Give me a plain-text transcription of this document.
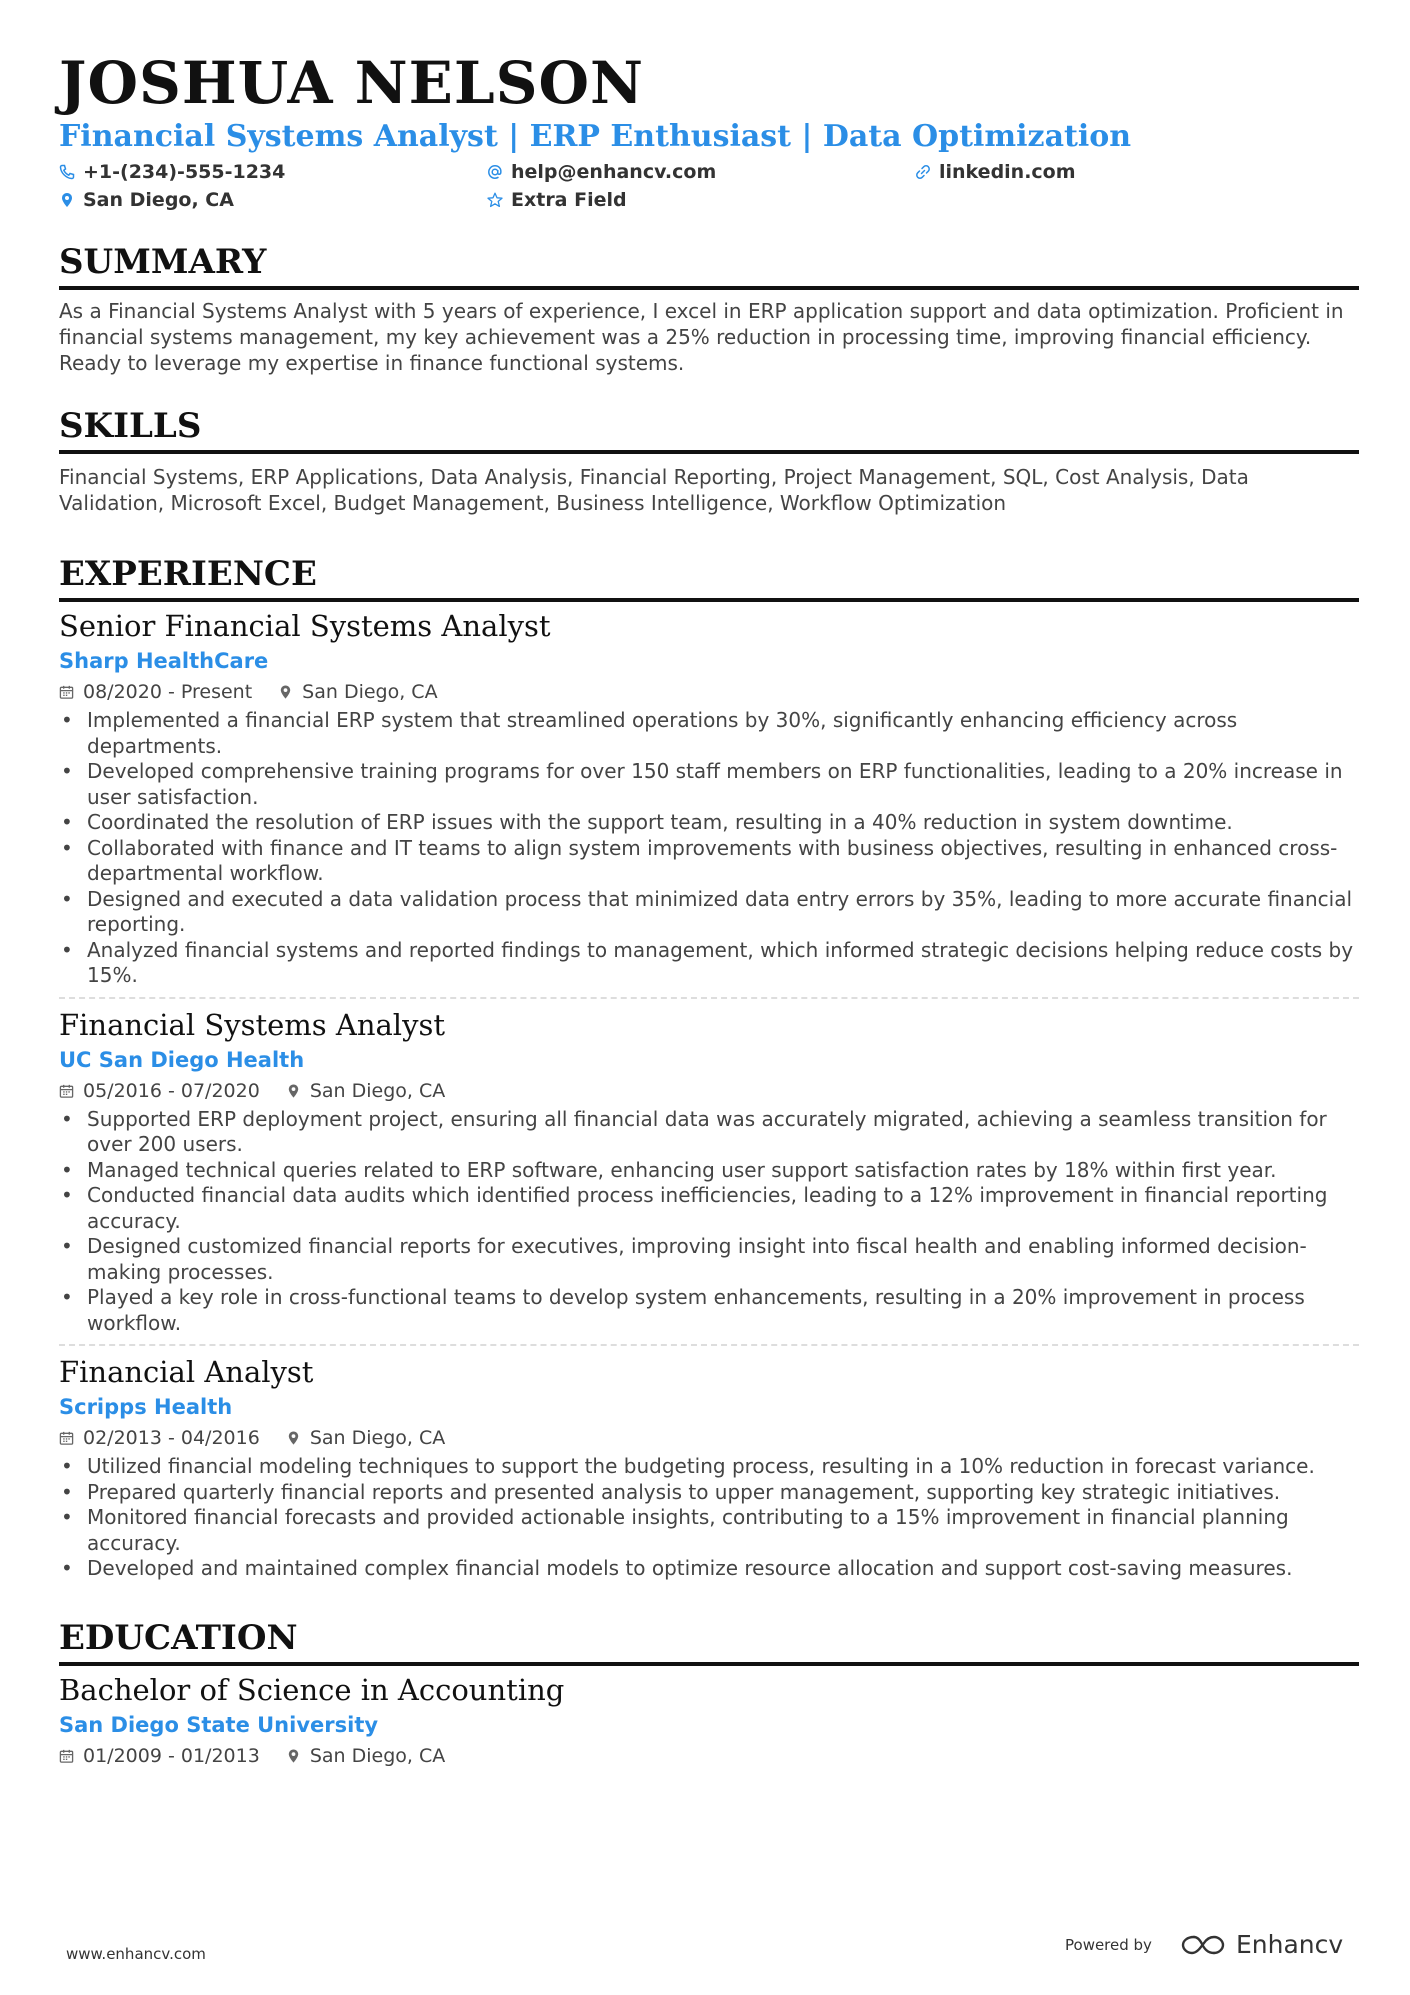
JOSHUA NELSON
Financial Systems Analyst | ERP Enthusiast | Data Optimization
+1-(234)-555-1234	help@enhancv.com	linkedin.com
San Diego, CA	Extra Field
SUMMARY
As a Financial Systems Analyst with 5 years of experience, I excel in ERP application support and data optimization. Proficient in financial systems management, my key achievement was a 25% reduction in processing time, improving financial efficiency. Ready to leverage my expertise in finance functional systems.
SKILLS
Financial Systems, ERP Applications, Data Analysis, Financial Reporting, Project Management, SQL, Cost Analysis, Data Validation, Microsoft Excel, Budget Management, Business Intelligence, Workflow Optimization
EXPERIENCE
Senior Financial Systems Analyst
Sharp HealthCare
08/2020 - Present	San Diego, CA
• Implemented a financial ERP system that streamlined operations by 30%, significantly enhancing efficiency across departments.
• Developed comprehensive training programs for over 150 staff members on ERP functionalities, leading to a 20% increase in user satisfaction.
• Coordinated the resolution of ERP issues with the support team, resulting in a 40% reduction in system downtime.
• Collaborated with finance and IT teams to align system improvements with business objectives, resulting in enhanced cross-departmental workflow.
• Designed and executed a data validation process that minimized data entry errors by 35%, leading to more accurate financial reporting.
• Analyzed financial systems and reported findings to management, which informed strategic decisions helping reduce costs by 15%.
Financial Systems Analyst
UC San Diego Health
05/2016 - 07/2020	San Diego, CA
• Supported ERP deployment project, ensuring all financial data was accurately migrated, achieving a seamless transition for over 200 users.
• Managed technical queries related to ERP software, enhancing user support satisfaction rates by 18% within first year.
• Conducted financial data audits which identified process inefficiencies, leading to a 12% improvement in financial reporting accuracy.
• Designed customized financial reports for executives, improving insight into fiscal health and enabling informed decision-making processes.
• Played a key role in cross-functional teams to develop system enhancements, resulting in a 20% improvement in process workflow.
Financial Analyst
Scripps Health
02/2013 - 04/2016	San Diego, CA
• Utilized financial modeling techniques to support the budgeting process, resulting in a 10% reduction in forecast variance.
• Prepared quarterly financial reports and presented analysis to upper management, supporting key strategic initiatives.
• Monitored financial forecasts and provided actionable insights, contributing to a 15% improvement in financial planning accuracy.
• Developed and maintained complex financial models to optimize resource allocation and support cost-saving measures.
EDUCATION
Bachelor of Science in Accounting
San Diego State University
01/2009 - 01/2013	San Diego, CA
www.enhancv.com
Powered by	Enhancv
